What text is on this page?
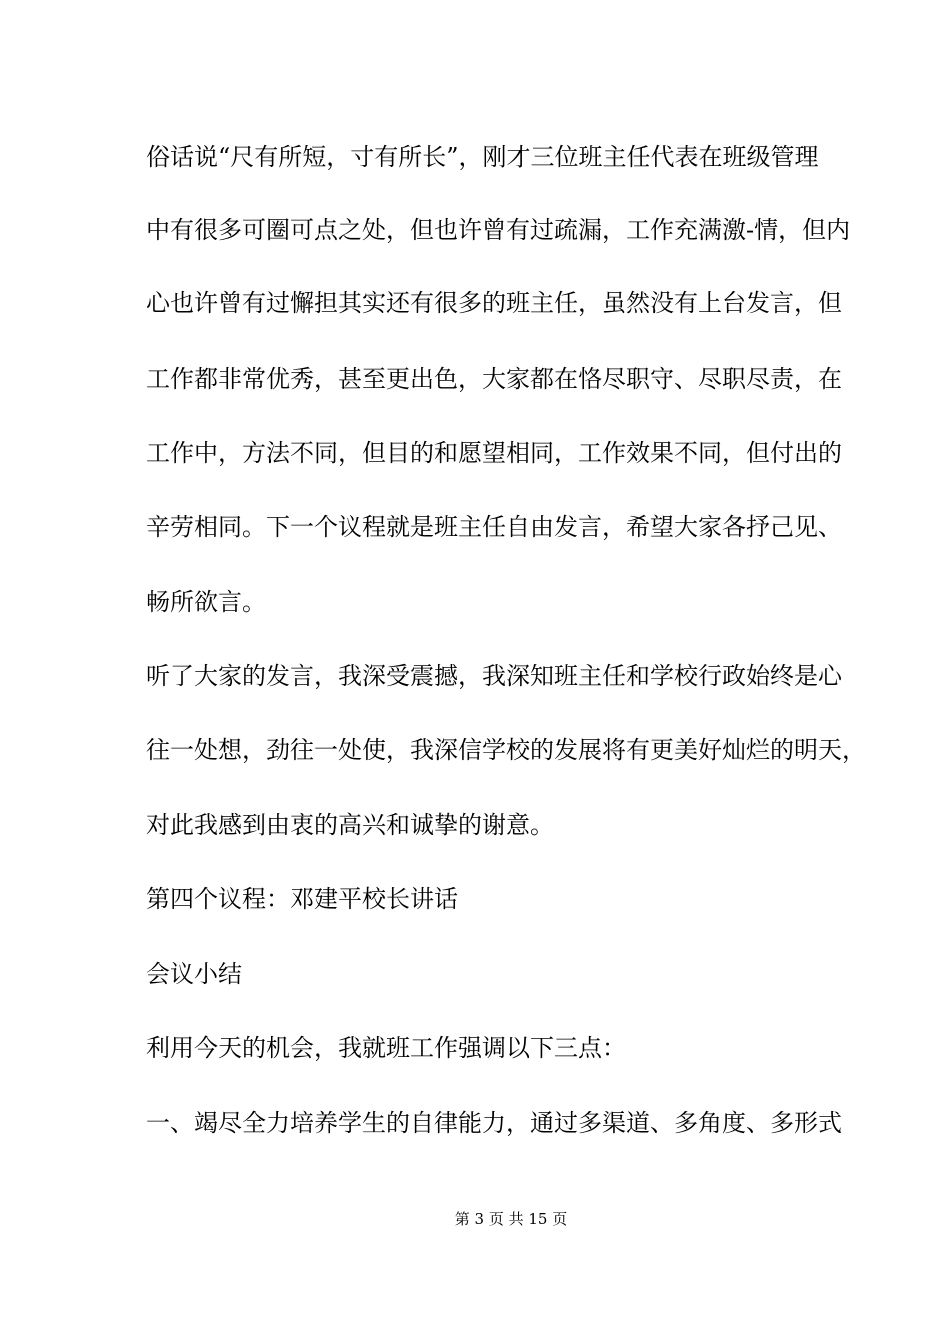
俗话说“尺有所短，寸有所长”，刚才三位班主任代表在班级管理

中有很多可圈可点之处，但也许曾有过疏漏，工作充满激-情，但内

心也许曾有过懈担其实还有很多的班主任，虽然没有上台发言，但

工作都非常优秀，甚至更出色，大家都在恪尽职守、尽职尽责，在

工作中，方法不同，但目的和愿望相同，工作效果不同，但付出的

辛劳相同。下一个议程就是班主任自由发言，希望大家各抒己见、

畅所欲言。

听了大家的发言，我深受震撼，我深知班主任和学校行政始终是心

往一处想，劲往一处使，我深信学校的发展将有更美好灿烂的明天，

对此我感到由衷的高兴和诚挚的谢意。

第四个议程：邓建平校长讲话

会议小结

利用今天的机会，我就班工作强调以下三点：

一、竭尽全力培养学生的自律能力，通过多渠道、多角度、多形式

第 3 页 共 15 页
